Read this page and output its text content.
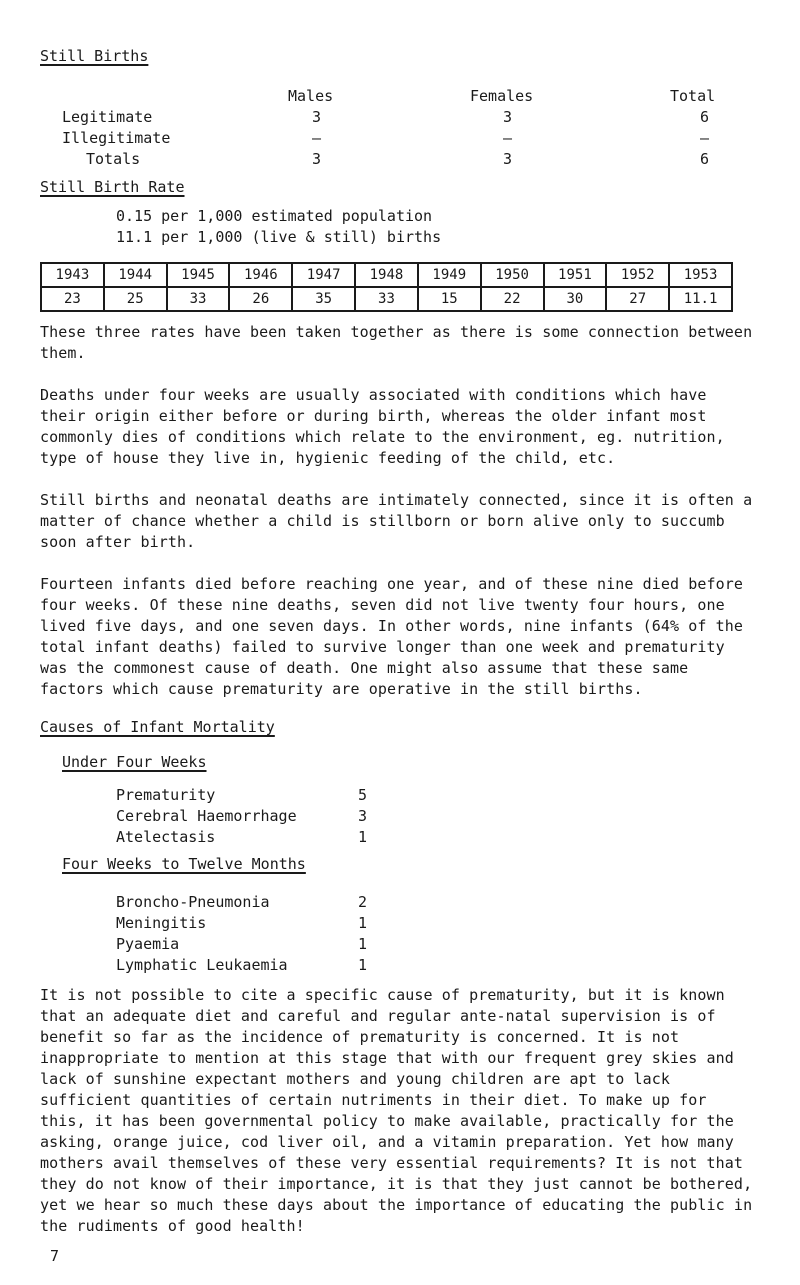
Still Births
Males	Females	Total
Legitimate	3	3	6
Illegitimate	–	–	–
Totals	3	3	6
Still Birth Rate
0.15 per 1,000 estimated population
11.1 per 1,000 (live & still) births
1943	1944	1945	1946	1947	1948	1949	1950	1951	1952	1953
23	25	33	26	35	33	15	22	30	27	11.1
These three rates have been taken together as there is some connection between them.
Deaths under four weeks are usually associated with conditions which have their origin either before or during birth, whereas the older infant most commonly dies of conditions which relate to the environment, eg. nutrition, type of house they live in, hygienic feeding of the child, etc.
Still births and neonatal deaths are intimately connected, since it is often a matter of chance whether a child is stillborn or born alive only to succumb soon after birth.
Fourteen infants died before reaching one year, and of these nine died before four weeks. Of these nine deaths, seven did not live twenty four hours, one lived five days, and one seven days. In other words, nine infants (64% of the total infant deaths) failed to survive longer than one week and prematurity was the commonest cause of death. One might also assume that these same factors which cause prematurity are operative in the still births.
Causes of Infant Mortality
Under Four Weeks
Prematurity	5
Cerebral Haemorrhage	3
Atelectasis	1
Four Weeks to Twelve Months
Broncho-Pneumonia	2
Meningitis	1
Pyaemia	1
Lymphatic Leukaemia	1
It is not possible to cite a specific cause of prematurity, but it is known that an adequate diet and careful and regular ante-natal supervision is of benefit so far as the incidence of prematurity is concerned. It is not inappropriate to mention at this stage that with our frequent grey skies and lack of sunshine expectant mothers and young children are apt to lack sufficient quantities of certain nutriments in their diet. To make up for this, it has been governmental policy to make available, practically for the asking, orange juice, cod liver oil, and a vitamin preparation. Yet how many mothers avail themselves of these very essential requirements? It is not that they do not know of their importance, it is that they just cannot be bothered, yet we hear so much these days about the importance of educating the public in the rudiments of good health!
7
